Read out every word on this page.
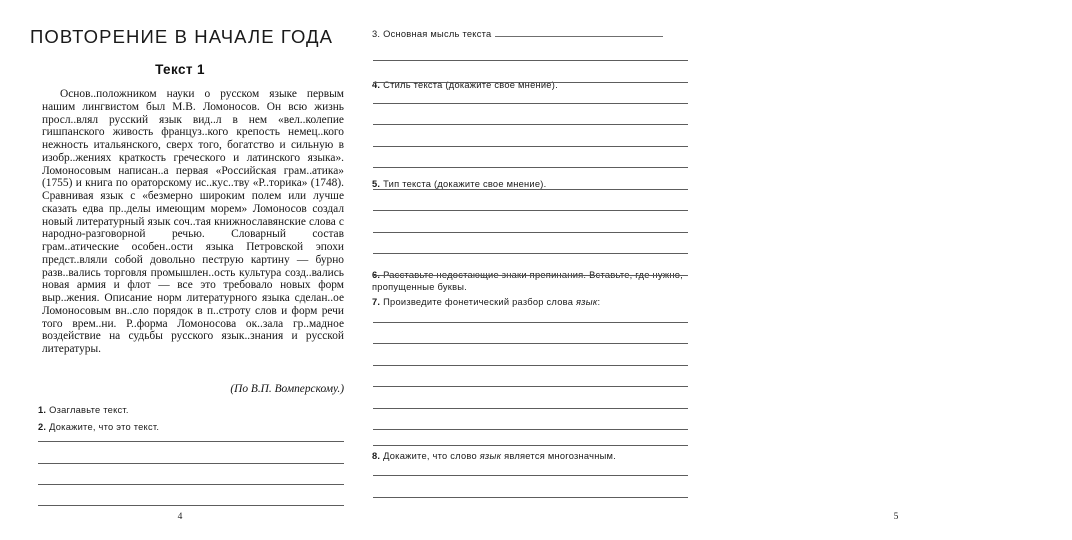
ПОВТОРЕНИЕ В НАЧАЛЕ ГОДА
Текст 1
Основ..положником науки о русском языке первым нашим лингвистом был М.В. Ломоносов. Он всю жизнь просл..влял русский язык вид..л в нем «вел..колепие гишпанского живость француз..кого крепость немец..кого нежность итальянского, сверх того, богатство и сильную в изобр..жениях краткость греческого и латинского языка». Ломоносовым написан..а первая «Российская грам..атика» (1755) и книга по ораторскому ис..кус..тву «Р..торика» (1748). Сравнивая язык с «безмерно широким полем или лучше сказать едва пр..делы имеющим морем» Ломоносов создал новый литературный язык соч..тая книжнославянские слова с народно-разговорной речью. Словарный состав грам..атические особен..ости языка Петровской эпохи предст..вляли собой довольно пеструю картину — бурно разв..вались торговля промышлен..ость культура созд..вались новая армия и флот — все это требовало новых форм выр..жения. Описание норм литературного языка сделан..ое Ломоносовым вн..сло порядок в п..строту слов и форм речи того врем..ни. Р..форма Ломоносова ок..зала гр..мадное воздействие на судьбы русского язык..знания и русской литературы.
(По В.П. Вомперскому.)
1. Озаглавьте текст.
2. Докажите, что это текст.
4
3. Основная мысль текста
4. Стиль текста (докажите свое мнение).
5. Тип текста (докажите свое мнение).
6. Расставьте недостающие знаки препинания. Вставьте, где нужно, пропущенные буквы.
7. Произведите фонетический разбор слова язык:
8. Докажите, что слово язык является многозначным.
5
